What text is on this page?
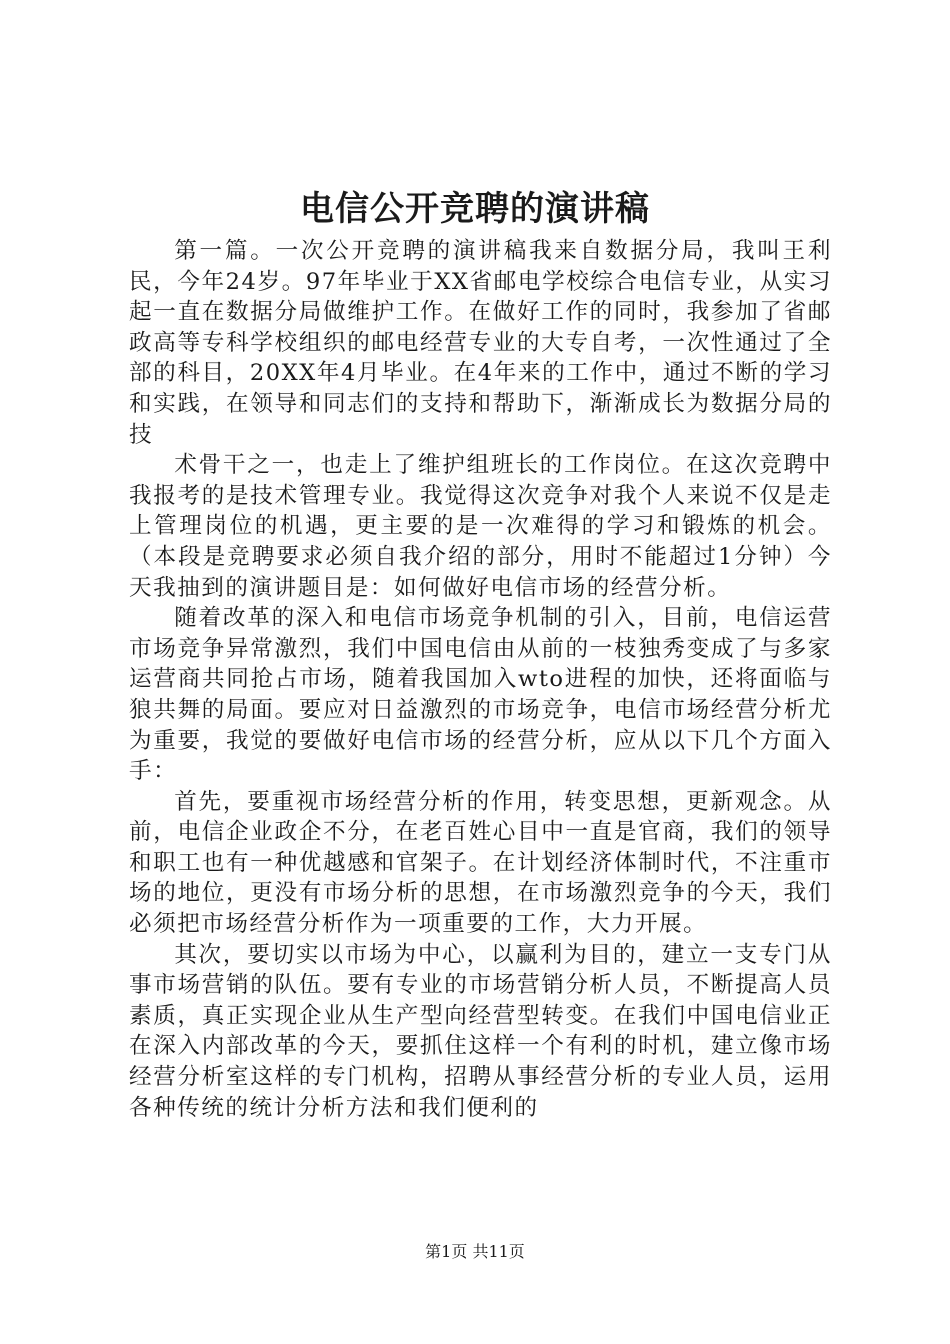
电信公开竞聘的演讲稿

第一篇。一次公开竞聘的演讲稿我来自数据分局，我叫王利民，今年24岁。97年毕业于XX省邮电学校综合电信专业，从实习起一直在数据分局做维护工作。在做好工作的同时，我参加了省邮政高等专科学校组织的邮电经营专业的大专自考，一次性通过了全部的科目，20XX年4月毕业。在4年来的工作中，通过不断的学习和实践，在领导和同志们的支持和帮助下，渐渐成长为数据分局的技

术骨干之一，也走上了维护组班长的工作岗位。在这次竞聘中我报考的是技术管理专业。我觉得这次竞争对我个人来说不仅是走上管理岗位的机遇，更主要的是一次难得的学习和锻炼的机会。（本段是竞聘要求必须自我介绍的部分，用时不能超过1分钟）今天我抽到的演讲题目是：如何做好电信市场的经营分析。

随着改革的深入和电信市场竞争机制的引入，目前，电信运营市场竞争异常激烈，我们中国电信由从前的一枝独秀变成了与多家运营商共同抢占市场，随着我国加入wto进程的加快，还将面临与狼共舞的局面。要应对日益激烈的市场竞争，电信市场经营分析尤为重要，我觉的要做好电信市场的经营分析，应从以下几个方面入手：

首先，要重视市场经营分析的作用，转变思想，更新观念。从前，电信企业政企不分，在老百姓心目中一直是官商，我们的领导和职工也有一种优越感和官架子。在计划经济体制时代，不注重市场的地位，更没有市场分析的思想，在市场激烈竞争的今天，我们必须把市场经营分析作为一项重要的工作，大力开展。

其次，要切实以市场为中心，以赢利为目的，建立一支专门从事市场营销的队伍。要有专业的市场营销分析人员，不断提高人员素质，真正实现企业从生产型向经营型转变。在我们中国电信业正在深入内部改革的今天，要抓住这样一个有利的时机，建立像市场经营分析室这样的专门机构，招聘从事经营分析的专业人员，运用各种传统的统计分析方法和我们便利的

第1页 共11页
